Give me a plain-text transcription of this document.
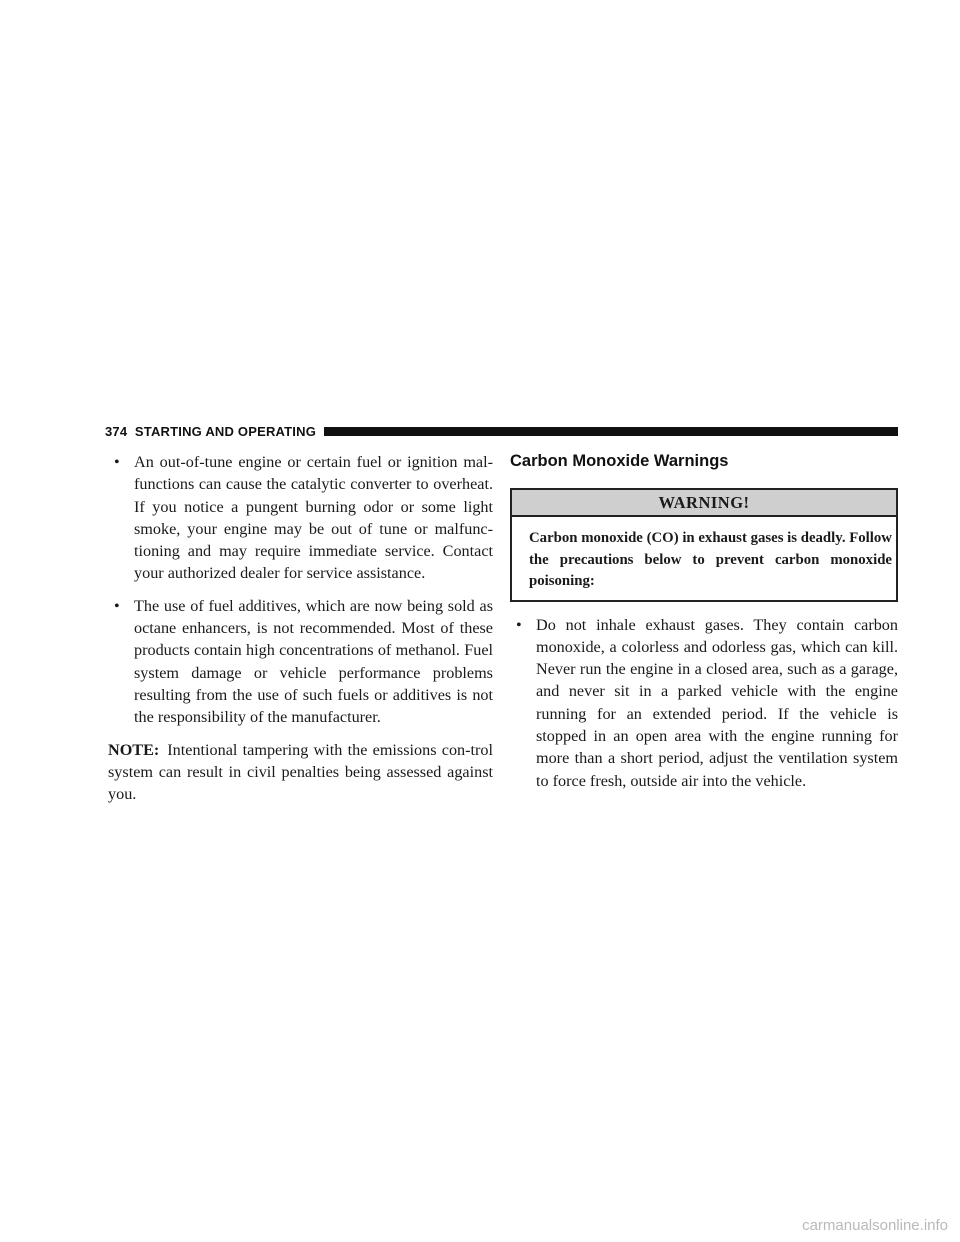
374 STARTING AND OPERATING
• An out-of-tune engine or certain fuel or ignition mal-functions can cause the catalytic converter to overheat. If you notice a pungent burning odor or some light smoke, your engine may be out of tune or malfunc-tioning and may require immediate service. Contact your authorized dealer for service assistance.
• The use of fuel additives, which are now being sold as octane enhancers, is not recommended. Most of these products contain high concentrations of methanol. Fuel system damage or vehicle performance problems resulting from the use of such fuels or additives is not the responsibility of the manufacturer.
NOTE: Intentional tampering with the emissions con-trol system can result in civil penalties being assessed against you.
Carbon Monoxide Warnings
WARNING!
Carbon monoxide (CO) in exhaust gases is deadly. Follow the precautions below to prevent carbon monoxide poisoning:
• Do not inhale exhaust gases. They contain carbon monoxide, a colorless and odorless gas, which can kill. Never run the engine in a closed area, such as a garage, and never sit in a parked vehicle with the engine running for an extended period. If the vehicle is stopped in an open area with the engine running for more than a short period, adjust the ventilation system to force fresh, outside air into the vehicle.
carmanualsonline.info
